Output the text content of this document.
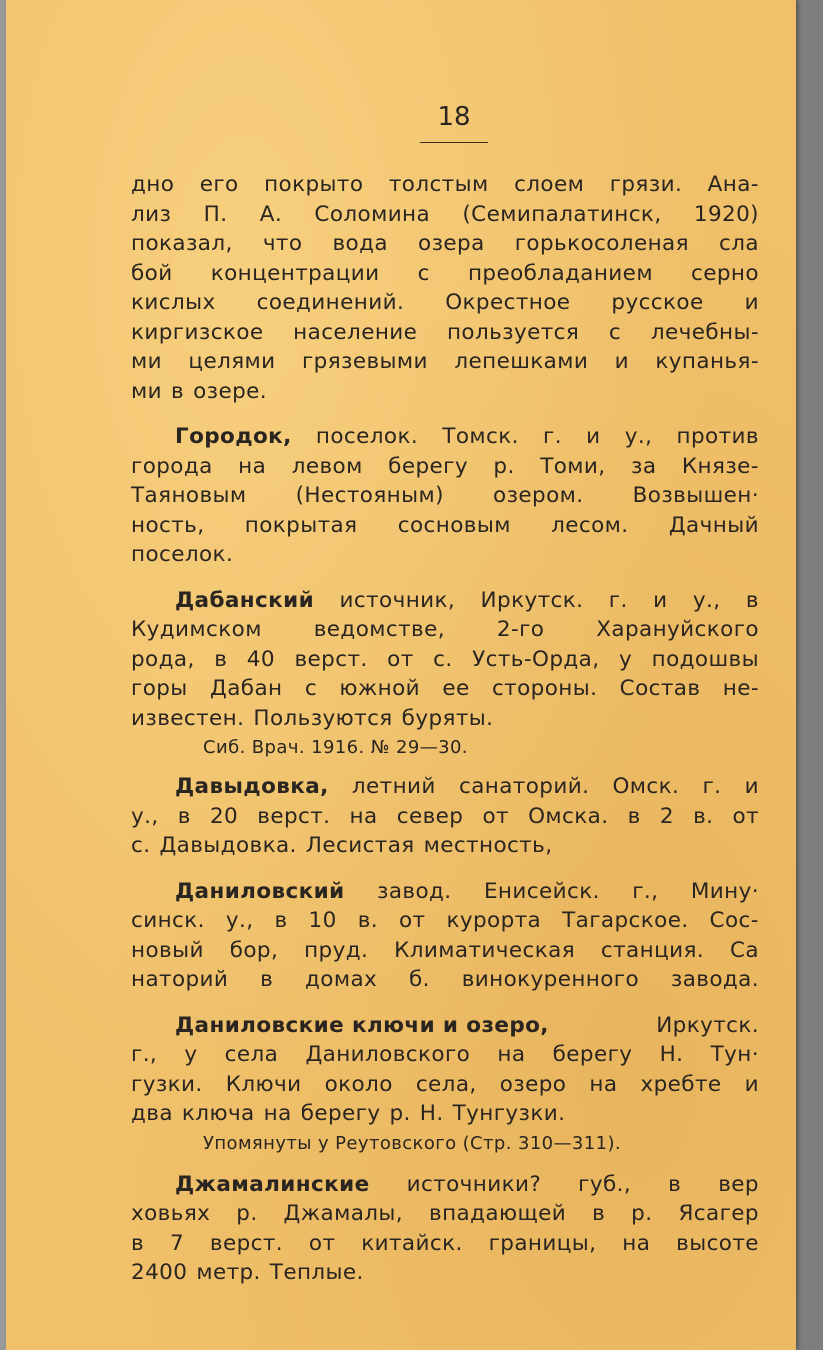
18
дно его покрыто толстым слоем грязи. Ана-
лиз П. А. Соломина (Семипалатинск, 1920)
показал, что вода озера горькосоленая сла
бой концентрации с преобладанием серно
кислых соединений. Окрестное русское и
киргизское население пользуется с лечебны-
ми целями грязевыми лепешками и купанья-
ми в озере.
Городок, поселок. Томск. г. и у., против
города на левом берегу р. Томи, за Князе-
Таяновым (Нестояным) озером. Возвышен·
ность, покрытая сосновым лесом. Дачный
поселок.
Дабанский источник, Иркутск. г. и у., в
Кудимском ведомстве, 2-го Харануйского
рода, в 40 верст. от с. Усть-Орда, у подошвы
горы Дабан с южной ее стороны. Состав не-
известен. Пользуются буряты.
Сиб. Врач. 1916. № 29—30.
Давыдовка, летний санаторий. Омск. г. и
у., в 20 верст. на север от Омска. в 2 в. от
с. Давыдовка. Лесистая местность,
Даниловский завод. Енисейск. г., Мину·
синск. у., в 10 в. от курорта Тагарское. Сос-
новый бор, пруд. Климатическая станция. Са
наторий в домах б. винокуренного завода.
Даниловские ключи и озеро,	Иркутск.
г., у села Даниловского на берегу Н. Тун·
гузки. Ключи около села, озеро на хребте и
два ключа на берегу р. Н. Тунгузки.
Упомянуты у Реутовского (Стр. 310—311).
Джамалинские источники? губ., в вер
ховьях р. Джамалы, впадающей в р. Ясагер
в 7 верст. от китайск. границы, на высоте
2400 метр. Теплые.
